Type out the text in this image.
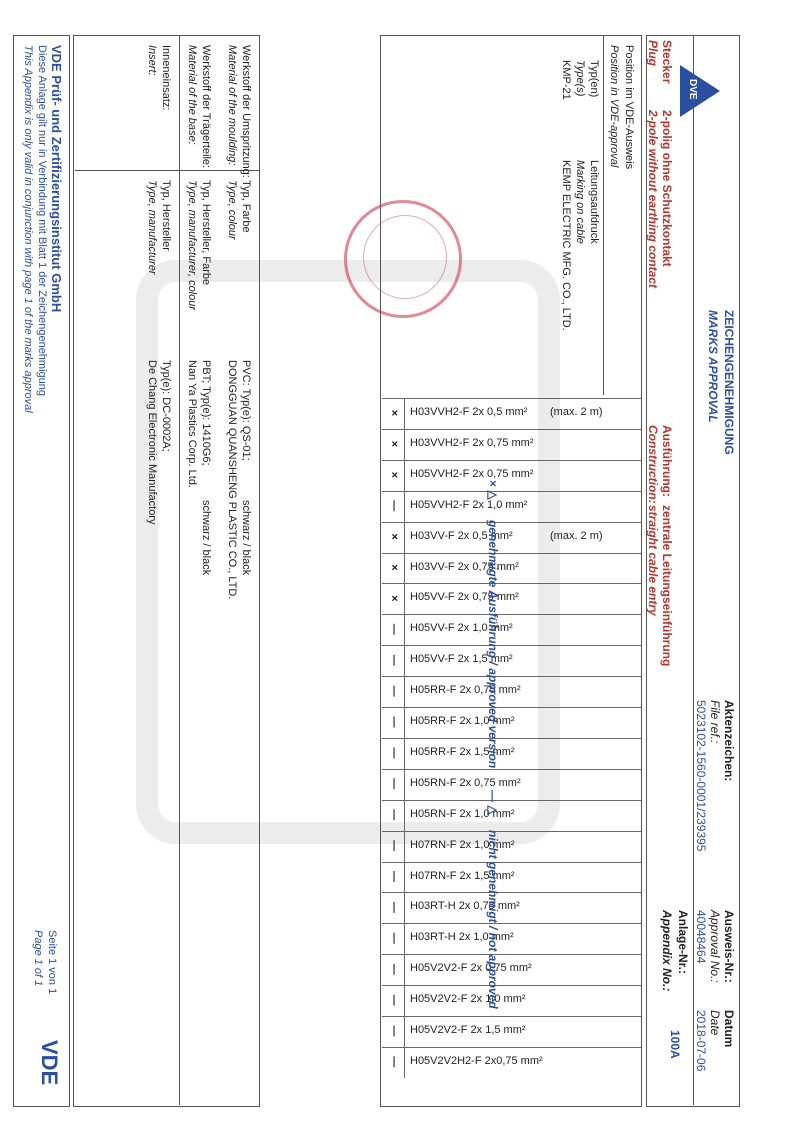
DVE
ZEICHENGENEHMIGUNG
MARKS APPROVAL
Aktenzeichen:
File ref.:
5023102-1560-0001/239395
Ausweis-Nr.:
Approval No.:
40048464
Datum
Date
2018-07-06
Anlage-Nr.:
Appendix No.:
100A
Stecker
Plug
2-polig ohne Schutzkontakt
2-pole without earthing contact
Ausführung:
Construction:
zentrale Leitungseinführung
straight cable entry
Position im VDE-Ausweis
Position in VDE-approval
Typ(en)
Type(s)
KMP-21
Leitungsaufdruck
Marking on cable
KEMP ELECTRIC MFG. CO., LTD.
× H03VVH2-F 2x 0,5 mm² (max. 2 m)
× H03VVH2-F 2x 0,75 mm²
× H05VVH2-F 2x 0,75 mm²
— H05VVH2-F 2x 1,0 mm²
× H03VV-F 2x 0,5 mm²	(max. 2 m)
× H03VV-F 2x 0,75 mm²
× H05VV-F 2x 0,75 mm²
— H05VV-F 2x 1,0 mm²
— H05VV-F 2x 1,5 mm²
— H05RR-F 2x 0,75 mm²
— H05RR-F 2x 1,0 mm²
— H05RR-F 2x 1,5 mm²
— H05RN-F 2x 0,75 mm²
— H05RN-F 2x 1,0 mm²
— H07RN-F 2x 1,0 mm²
— H07RN-F 2x 1,5 mm²
— H03RT-H 2x 0,75 mm²
— H03RT-H 2x 1,0 mm²
— H05V2V2-F 2x 0,75 mm²
— H05V2V2-F 2x 1,0 mm²
— H05V2V2-F 2x 1,5 mm²
— H05V2V2H2-F 2x0,75 mm²
× △
genehmigte Ausführung / approved version
— △
nicht genehmigt / not approved
Werkstoff der Umspritzung:
Material of the moulding:
Typ, Farbe
Type, colour
PVC: Typ(e): QS-01;
schwarz / black
DONGGUAN QUANSHENG PLASTIC CO., LTD.
Werkstoff der Trägerteile:
Material of the base:
Typ, Hersteller, Farbe
Type, manufacturer, colour
PBT; Typ(e): 1410G6;
schwarz / black
Nan Ya Plastics Corp. Ltd.
Inneneinsatz:
Insert:
Typ, Hersteller
Type, manufacturer
Typ(e): DC-0002A;
De Chang Electronic Manufactory
VDE Prüf- und Zertifizierungsinstitut GmbH
Diese Anlage gilt nur in Verbindung mit Blatt 1 der Zeichengenehmigung
This Appendix is only valid in conjunction with page 1 of the marks approval
Seite 1 von 1
Page 1 of 1
VDE
